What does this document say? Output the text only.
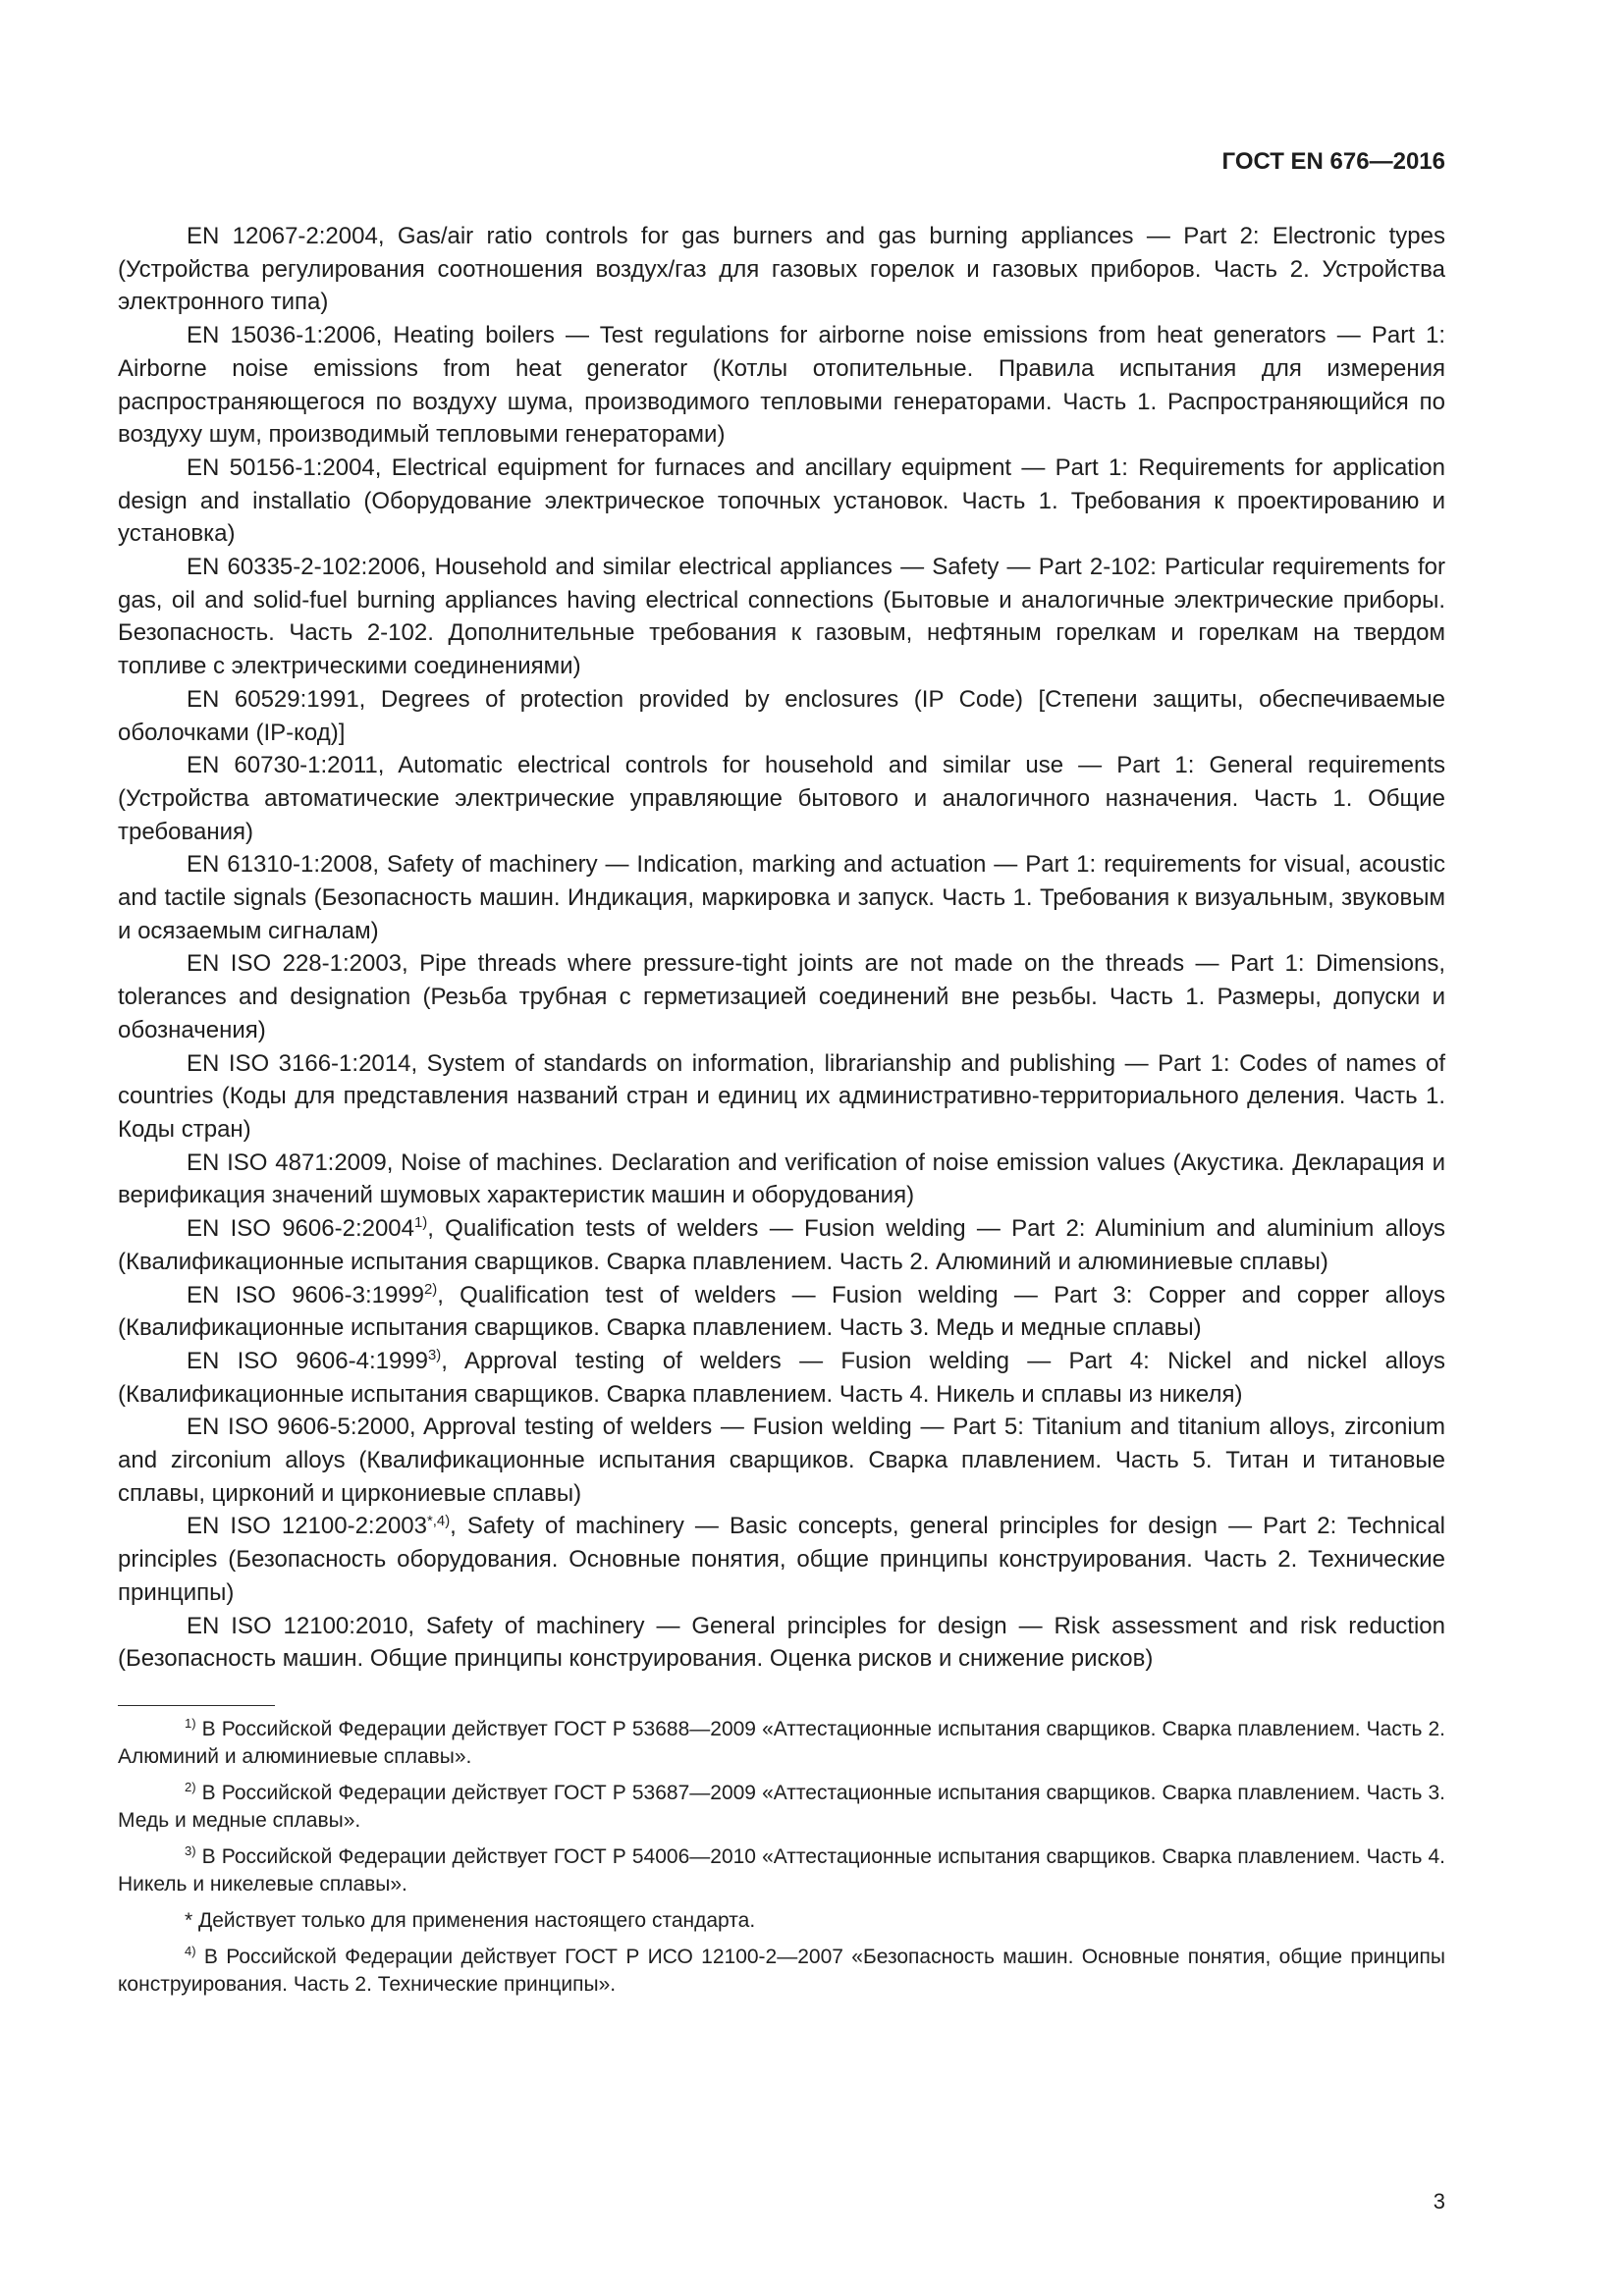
ГОСТ EN 676—2016

EN 12067-2:2004, Gas/air ratio controls for gas burners and gas burning appliances — Part 2: Electronic types (Устройства регулирования соотношения воздух/газ для газовых горелок и газовых приборов. Часть 2. Устройства электронного типа)

EN 15036-1:2006, Heating boilers — Test regulations for airborne noise emissions from heat generators — Part 1: Airborne noise emissions from heat generator (Котлы отопительные. Правила испытания для измерения распространяющегося по воздуху шума, производимого тепловыми генераторами. Часть 1. Распространяющийся по воздуху шум, производимый тепловыми генераторами)

EN 50156-1:2004, Electrical equipment for furnaces and ancillary equipment — Part 1: Requirements for application design and installatio (Оборудование электрическое топочных установок. Часть 1. Требования к проектированию и установка)

EN 60335-2-102:2006, Household and similar electrical appliances — Safety — Part 2-102: Particular requirements for gas, oil and solid-fuel burning appliances having electrical connections (Бытовые и аналогичные электрические приборы. Безопасность. Часть 2-102. Дополнительные требования к газовым, нефтяным горелкам и горелкам на твердом топливе с электрическими соединениями)

EN 60529:1991, Degrees of protection provided by enclosures (IP Code) [Степени защиты, обеспечиваемые оболочками (IP-код)]

EN 60730-1:2011, Automatic electrical controls for household and similar use — Part 1: General requirements (Устройства автоматические электрические управляющие бытового и аналогичного назначения. Часть 1. Общие требования)

EN 61310-1:2008, Safety of machinery — Indication, marking and actuation — Part 1: requirements for visual, acoustic and tactile signals (Безопасность машин. Индикация, маркировка и запуск. Часть 1. Требования к визуальным, звуковым и осязаемым сигналам)

EN ISO 228-1:2003, Pipe threads where pressure-tight joints are not made on the threads — Part 1: Dimensions, tolerances and designation (Резьба трубная с герметизацией соединений вне резьбы. Часть 1. Размеры, допуски и обозначения)

EN ISO 3166-1:2014, System of standards on information, librarianship and publishing — Part 1: Codes of names of countries (Коды для представления названий стран и единиц их административно-территориального деления. Часть 1. Коды стран)

EN ISO 4871:2009, Noise of machines. Declaration and verification of noise emission values (Акустика. Декларация и верификация значений шумовых характеристик машин и оборудования)

EN ISO 9606-2:2004$^{1)}$, Qualification tests of welders — Fusion welding — Part 2: Aluminium and aluminium alloys (Квалификационные испытания сварщиков. Сварка плавлением. Часть 2. Алюминий и алюминиевые сплавы)

EN ISO 9606-3:1999$^{2)}$, Qualification test of welders — Fusion welding — Part 3: Copper and copper alloys (Квалификационные испытания сварщиков. Сварка плавлением. Часть 3. Медь и медные сплавы)

EN ISO 9606-4:1999$^{3)}$, Approval testing of welders — Fusion welding — Part 4: Nickel and nickel alloys (Квалификационные испытания сварщиков. Сварка плавлением. Часть 4. Никель и сплавы из никеля)

EN ISO 9606-5:2000, Approval testing of welders — Fusion welding — Part 5: Titanium and titanium alloys, zirconium and zirconium alloys (Квалификационные испытания сварщиков. Сварка плавлением. Часть 5. Титан и титановые сплавы, цирконий и циркониевые сплавы)

EN ISO $12100-2:2003^{*,4)}$, Safety of machinery — Basic concepts, general principles for design — Part 2: Technical principles (Безопасность оборудования. Основные понятия, общие принципы конструирования. Часть 2. Технические принципы)

EN ISO 12100:2010, Safety of machinery — General principles for design — Risk assessment and risk reduction (Безопасность машин. Общие принципы конструирования. Оценка рисков и снижение рисков)

$^{1)}$ В Российской Федерации действует ГОСТ Р 53688—2009 «Аттестационные испытания сварщиков. Сварка плавлением. Часть 2. Алюминий и алюминиевые сплавы».

$^{2)}$ В Российской Федерации действует ГОСТ Р 53687—2009 «Аттестационные испытания сварщиков. Сварка плавлением. Часть 3. Медь и медные сплавы».

$^{3)}$ В Российской Федерации действует ГОСТ Р 54006—2010 «Аттестационные испытания сварщиков. Сварка плавлением. Часть 4. Никель и никелевые сплавы».

* Действует только для применения настоящего стандарта.

$^{4)}$ В Российской Федерации действует ГОСТ Р ИСО 12100-2—2007 «Безопасность машин. Основные понятия, общие принципы конструирования. Часть 2. Технические принципы».

3
